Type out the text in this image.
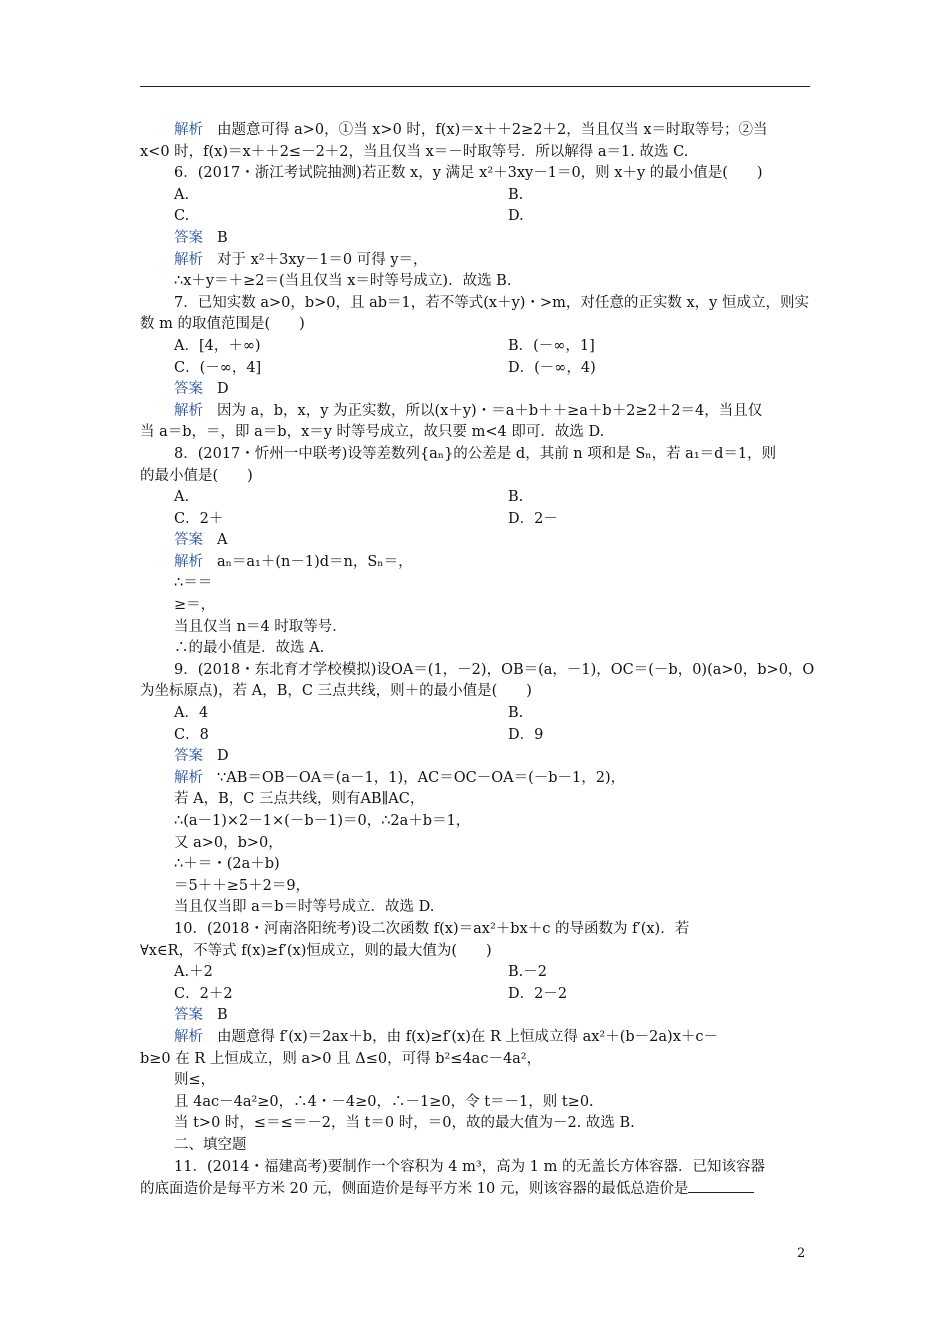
解析 由题意可得 a>0，①当 x>0 时，f(x)＝x＋＋2≥2＋2，当且仅当 x＝时取等号；②当
x<0 时，f(x)＝x＋＋2≤－2＋2，当且仅当 x＝－时取等号．所以解得 a＝1. 故选 C.
6．(2017・浙江考试院抽测)若正数 x，y 满足 x²＋3xy－1＝0，则 x＋y 的最小值是(　　)
A.	B.
C.	D.
答案 B
解析 对于 x²＋3xy－1＝0 可得 y＝，
∴x＋y＝＋≥2＝(当且仅当 x＝时等号成立)．故选 B.
7．已知实数 a>0，b>0，且 ab＝1，若不等式(x＋y)・>m，对任意的正实数 x，y 恒成立，则实
数 m 的取值范围是(　　)
A．[4，＋∞)	B．(－∞，1]
C．(－∞，4]	D．(－∞，4)
答案 D
解析 因为 a，b，x，y 为正实数，所以(x＋y)・＝a＋b＋＋≥a＋b＋2≥2＋2＝4，当且仅
当 a＝b，＝，即 a＝b，x＝y 时等号成立，故只要 m<4 即可．故选 D.
8．(2017・忻州一中联考)设等差数列{aₙ}的公差是 d，其前 n 项和是 Sₙ，若 a₁＝d＝1，则
的最小值是(　　)
A.	B.
C．2＋	D．2－
答案 A
解析 aₙ＝a₁＋(n－1)d＝n，Sₙ＝，
∴＝＝
≥＝，
当且仅当 n＝4 时取等号．
∴的最小值是．故选 A.
9．(2018・东北育才学校模拟)设OA＝(1，－2)，OB＝(a，－1)，OC＝(－b，0)(a>0，b>0，O
为坐标原点)，若 A，B，C 三点共线，则＋的最小值是(　　)
A．4	B.
C．8	D．9
答案 D
解析 ∵AB＝OB－OA＝(a－1，1)，AC＝OC－OA＝(－b－1，2)，
若 A，B，C 三点共线，则有AB∥AC，
∴(a－1)×2－1×(－b－1)＝0，∴2a＋b＝1，
又 a>0，b>0，
∴＋＝・(2a＋b)
＝5＋＋≥5＋2＝9，
当且仅当即 a＝b＝时等号成立．故选 D.
10．(2018・河南洛阳统考)设二次函数 f(x)＝ax²＋bx＋c 的导函数为 f′(x)．若
∀x∈R，不等式 f(x)≥f′(x)恒成立，则的最大值为(　　)
A.＋2	B.－2
C．2＋2	D．2－2
答案 B
解析 由题意得 f′(x)＝2ax＋b，由 f(x)≥f′(x)在 R 上恒成立得 ax²＋(b－2a)x＋c－
b≥0 在 R 上恒成立，则 a>0 且 Δ≤0，可得 b²≤4ac－4a²，
则≤，
且 4ac－4a²≥0，∴4・－4≥0，∴－1≥0，令 t＝－1，则 t≥0.
当 t>0 时，≤＝≤＝－2，当 t＝0 时，＝0，故的最大值为－2. 故选 B.
二、填空题
11．(2014・福建高考)要制作一个容积为 4 m³，高为 1 m 的无盖长方体容器．已知该容器
的底面造价是每平方米 20 元，侧面造价是每平方米 10 元，则该容器的最低总造价是
2
